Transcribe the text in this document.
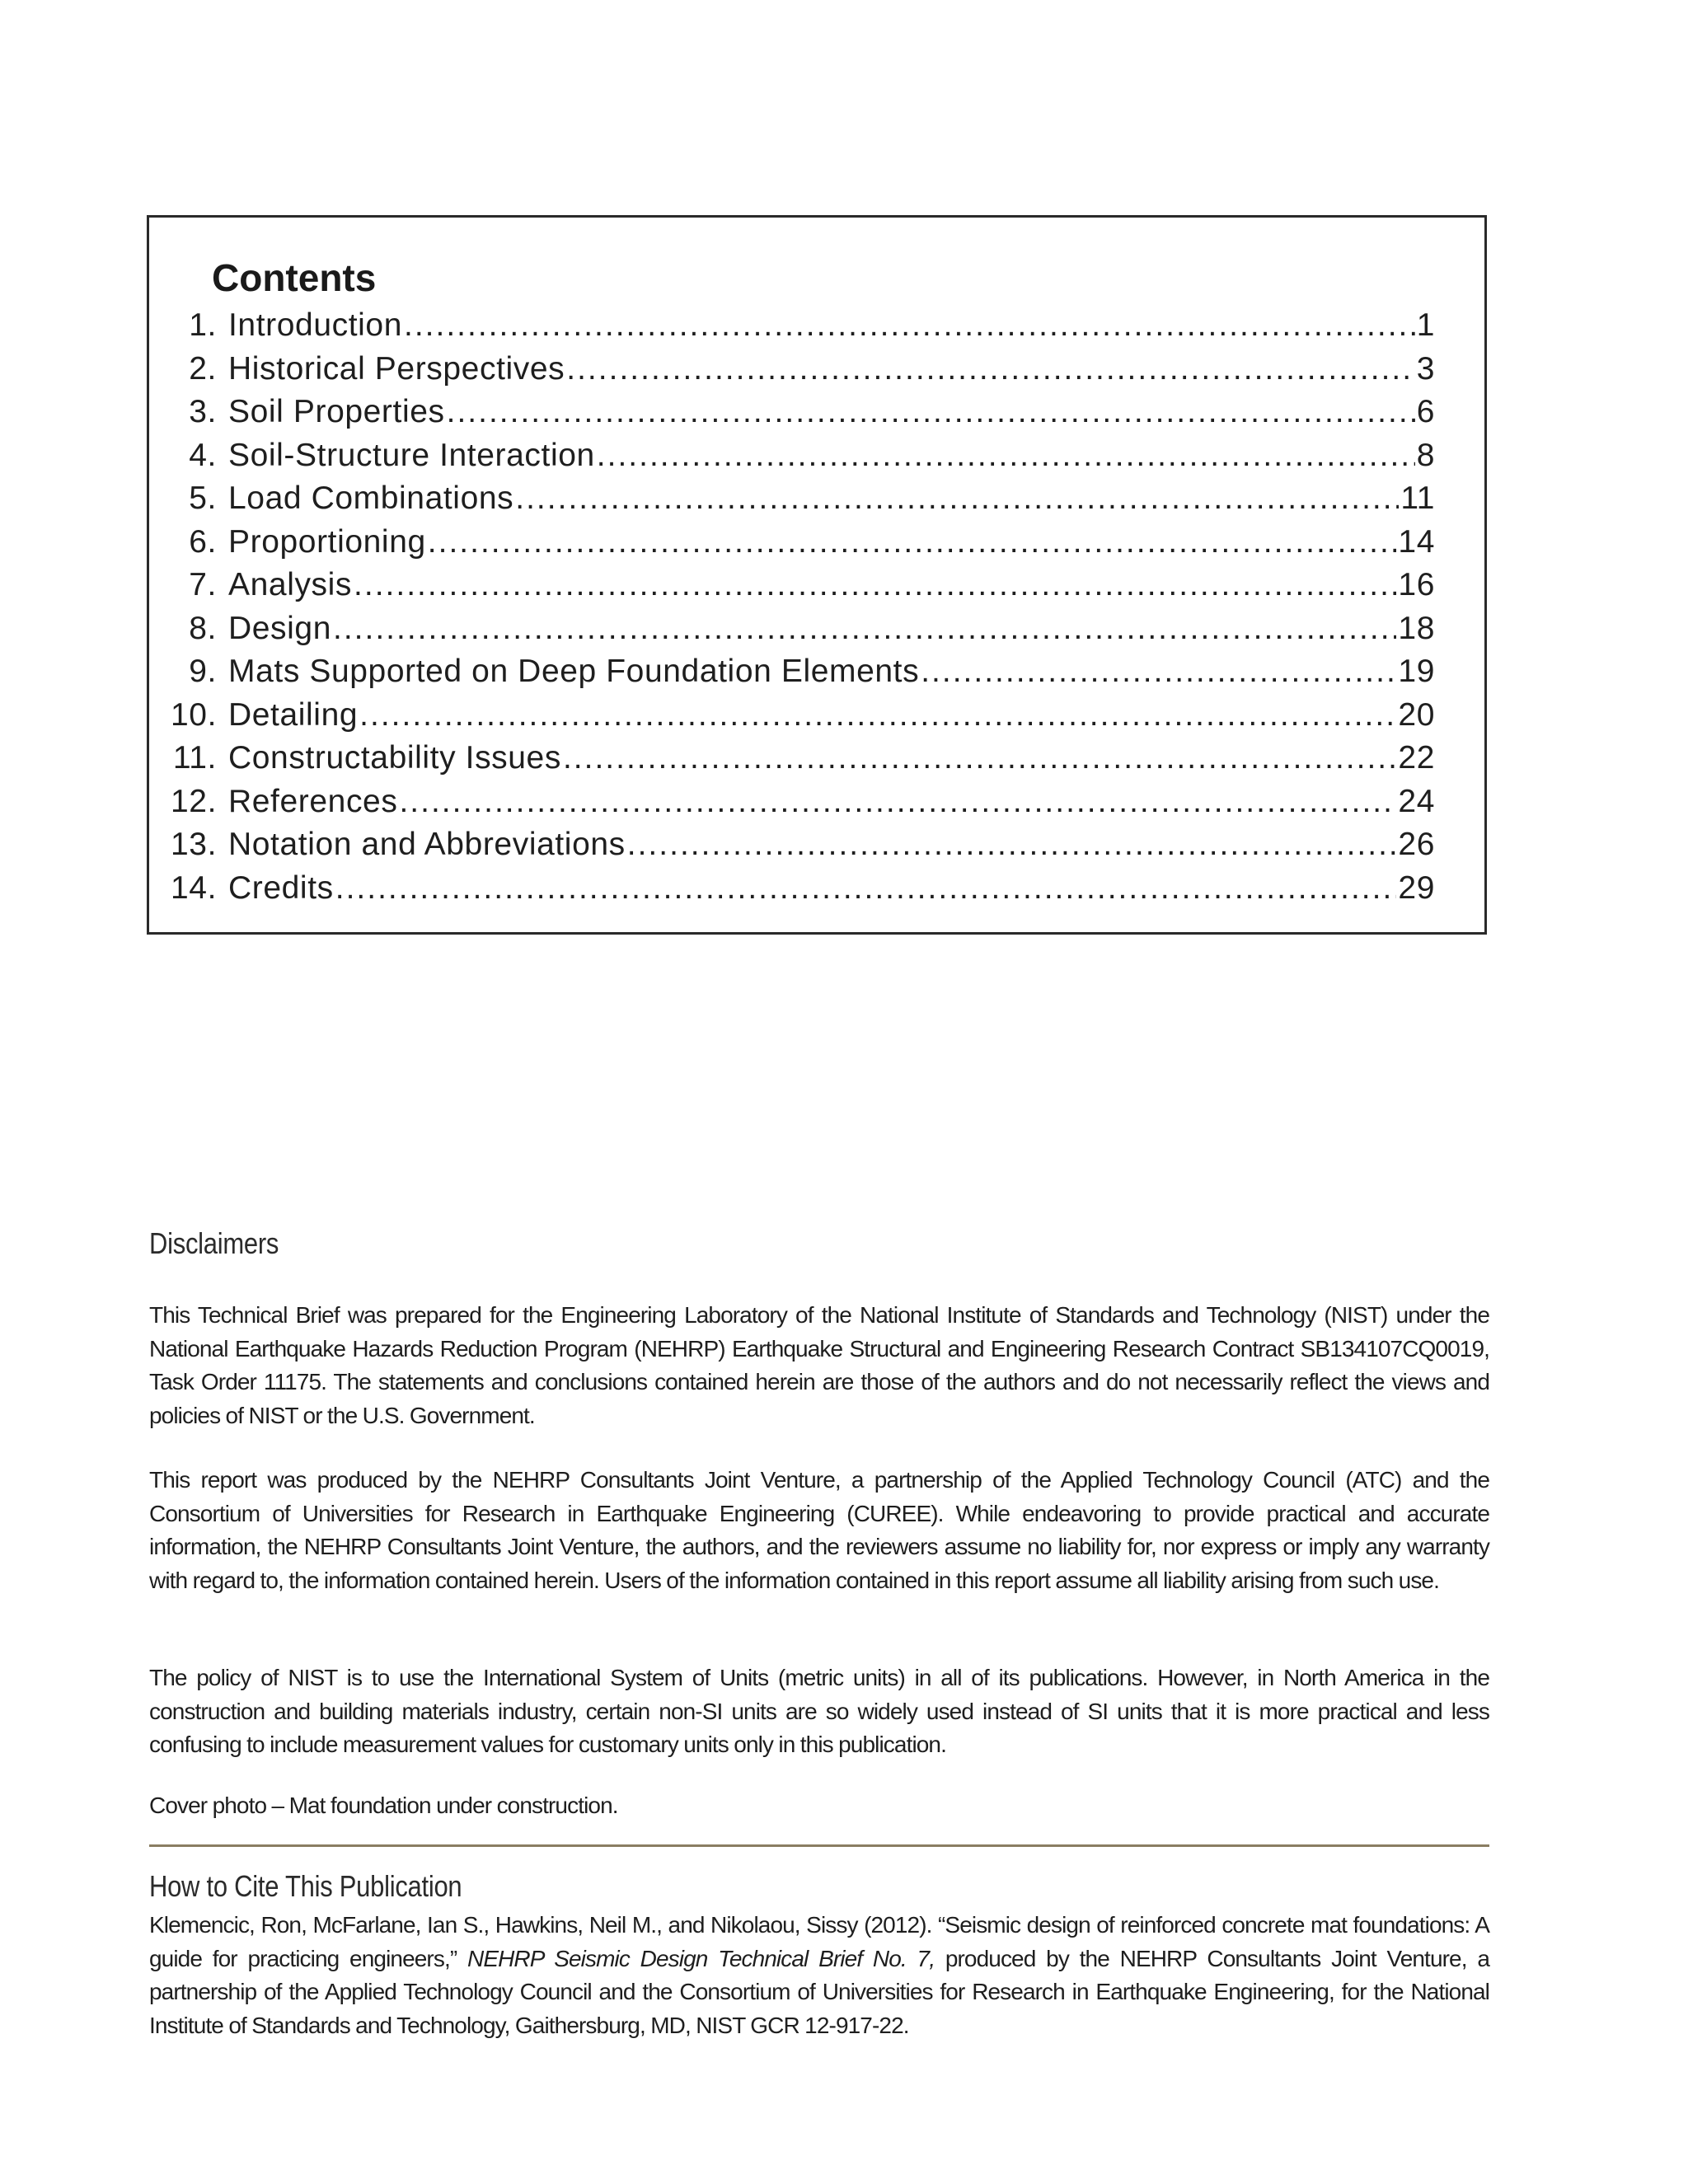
Contents
1. Introduction .....	1
2. Historical Perspectives .....	3
3. Soil Properties .....	6
4. Soil-Structure Interaction .....	8
5. Load Combinations .....	11
6. Proportioning .....	14
7. Analysis .....	16
8. Design .....	18
9. Mats Supported on Deep Foundation Elements .....	19
10. Detailing .....	20
11. Constructability Issues .....	22
12. References .....	24
13. Notation and Abbreviations .....	26
14. Credits .....	29
Disclaimers

This Technical Brief was prepared for the Engineering Laboratory of the National Institute of Standards and Technology (NIST) under the National Earthquake Hazards Reduction Program (NEHRP) Earthquake Structural and Engineering Research Contract SB134107CQ0019, Task Order 11175. The statements and conclusions contained herein are those of the authors and do not necessarily reflect the views and policies of NIST or the U.S. Government.

This report was produced by the NEHRP Consultants Joint Venture, a partnership of the Applied Technology Council (ATC) and the Consortium of Universities for Research in Earthquake Engineering (CUREE). While endeavoring to provide practical and accurate information, the NEHRP Consultants Joint Venture, the authors, and the reviewers assume no liability for, nor express or imply any warranty with regard to, the information contained herein. Users of the information contained in this report assume all liability arising from such use.

The policy of NIST is to use the International System of Units (metric units) in all of its publications. However, in North America in the construction and building materials industry, certain non-SI units are so widely used instead of SI units that it is more practical and less confusing to include measurement values for customary units only in this publication.

Cover photo – Mat foundation under construction.

How to Cite This Publication

Klemencic, Ron, McFarlane, Ian S., Hawkins, Neil M., and Nikolaou, Sissy (2012). “Seismic design of reinforced concrete mat foundations: A guide for practicing engineers,” NEHRP Seismic Design Technical Brief No. 7, produced by the NEHRP Consultants Joint Venture, a partnership of the Applied Technology Council and the Consortium of Universities for Research in Earthquake Engineering, for the National Institute of Standards and Technology, Gaithersburg, MD, NIST GCR 12-917-22.
